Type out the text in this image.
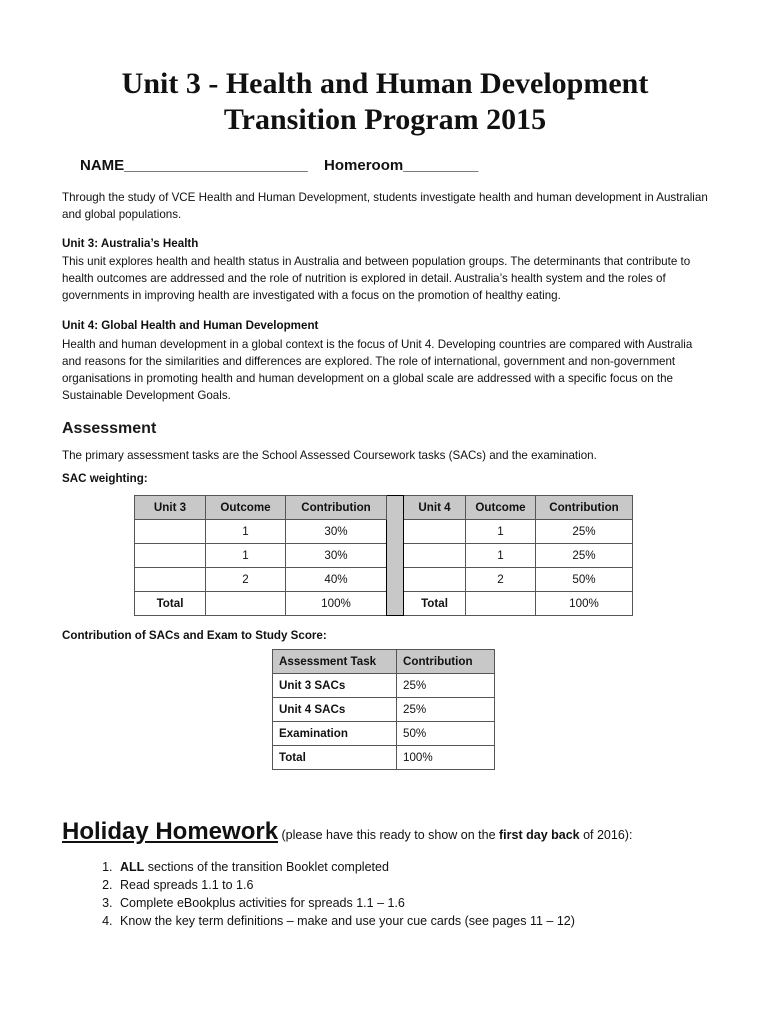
Unit 3 - Health and Human Development
Transition Program 2015
NAME______________________ Homeroom_________
Through the study of VCE Health and Human Development, students investigate health and human development in Australian and global populations.
Unit 3: Australia’s Health
This unit explores health and health status in Australia and between population groups. The determinants that contribute to health outcomes are addressed and the role of nutrition is explored in detail. Australia’s health system and the roles of governments in improving health are investigated with a focus on the promotion of healthy eating.
Unit 4: Global Health and Human Development
Health and human development in a global context is the focus of Unit 4. Developing countries are compared with Australia and reasons for the similarities and differences are explored. The role of international, government and non-government organisations in promoting health and human development on a global scale are addressed with a specific focus on the Sustainable Development Goals.
Assessment
The primary assessment tasks are the School Assessed Coursework tasks (SACs) and the examination.
SAC weighting:
Unit 3	Outcome	Contribution		Unit 4	Outcome	Contribution
	1	30%			1	25%
	1	30%			1	25%
	2	40%			2	50%
Total		100%		Total		100%
Contribution of SACs and Exam to Study Score:
Assessment Task	Contribution
Unit 3 SACs	25%
Unit 4 SACs	25%
Examination	50%
Total	100%
Holiday Homework (please have this ready to show on the first day back of 2016):
1. ALL sections of the transition Booklet completed
2. Read spreads 1.1 to 1.6
3. Complete eBookplus activities for spreads 1.1 – 1.6
4. Know the key term definitions – make and use your cue cards (see pages 11 – 12)
